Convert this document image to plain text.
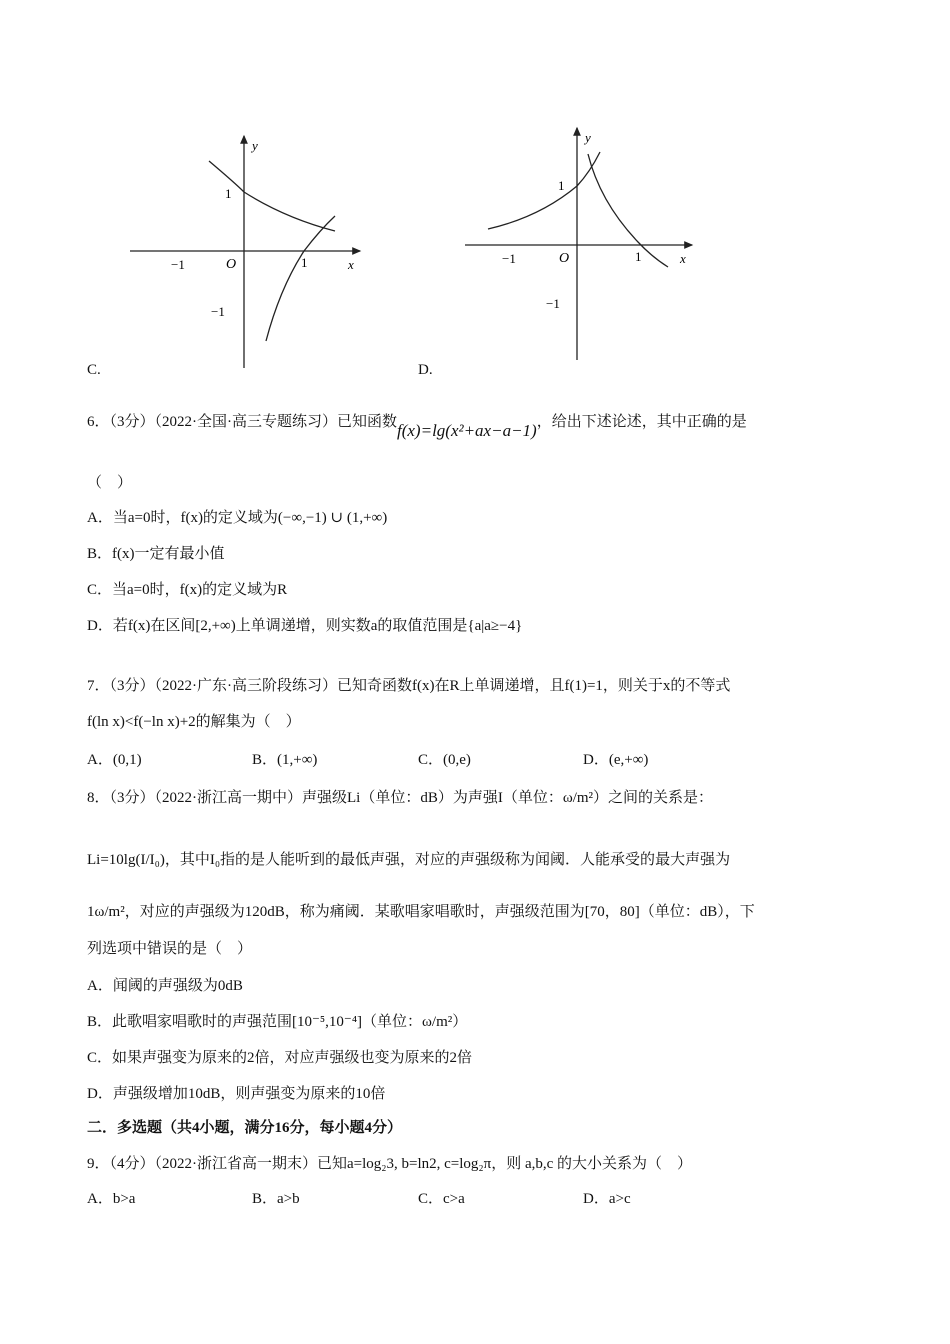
y
x
O
−1	1
1
−1
C.
y
x
O
−1	1
1
−1
D.
6．（3分）（2022·全国·高三专题练习）已知函数f(x)=lg(x²+ax−a−1)，给出下述论述，其中正确的是
（　）
A．当a=0时，f(x)的定义域为(−∞,−1) ∪ (1,+∞)
B．f(x)一定有最小值
C．当a=0时，f(x)的定义域为R
D．若f(x)在区间[2,+∞)上单调递增，则实数a的取值范围是{a|a≥−4}
7．（3分）（2022·广东·高三阶段练习）已知奇函数f(x)在R上单调递增，且f(1)=1，则关于x的不等式
f(ln x)<f(−ln x)+2的解集为（　）
A．(0,1)	B．(1,+∞)	C．(0,e)	D．(e,+∞)
8．（3分）（2022·浙江高一期中）声强级Li（单位：dB）为声强I（单位：ω/m²）之间的关系是：
Li=10lg(I/I₀)，其中I₀指的是人能听到的最低声强，对应的声强级称为闻阈．人能承受的最大声强为
1ω/m²，对应的声强级为120dB，称为痛阈．某歌唱家唱歌时，声强级范围为[70，80]（单位：dB），下
列选项中错误的是（　）
A．闻阈的声强级为0dB
B．此歌唱家唱歌时的声强范围[10⁻⁵,10⁻⁴]（单位：ω/m²）
C．如果声强变为原来的2倍，对应声强级也变为原来的2倍
D．声强级增加10dB，则声强变为原来的10倍
二．多选题（共4小题，满分16分，每小题4分）
9．（4分）（2022·浙江省高一期末）已知a=log₂3, b=ln2, c=log₂π，则 a,b,c 的大小关系为（　）
A．b>a	B．a>b	C．c>a	D．a>c
